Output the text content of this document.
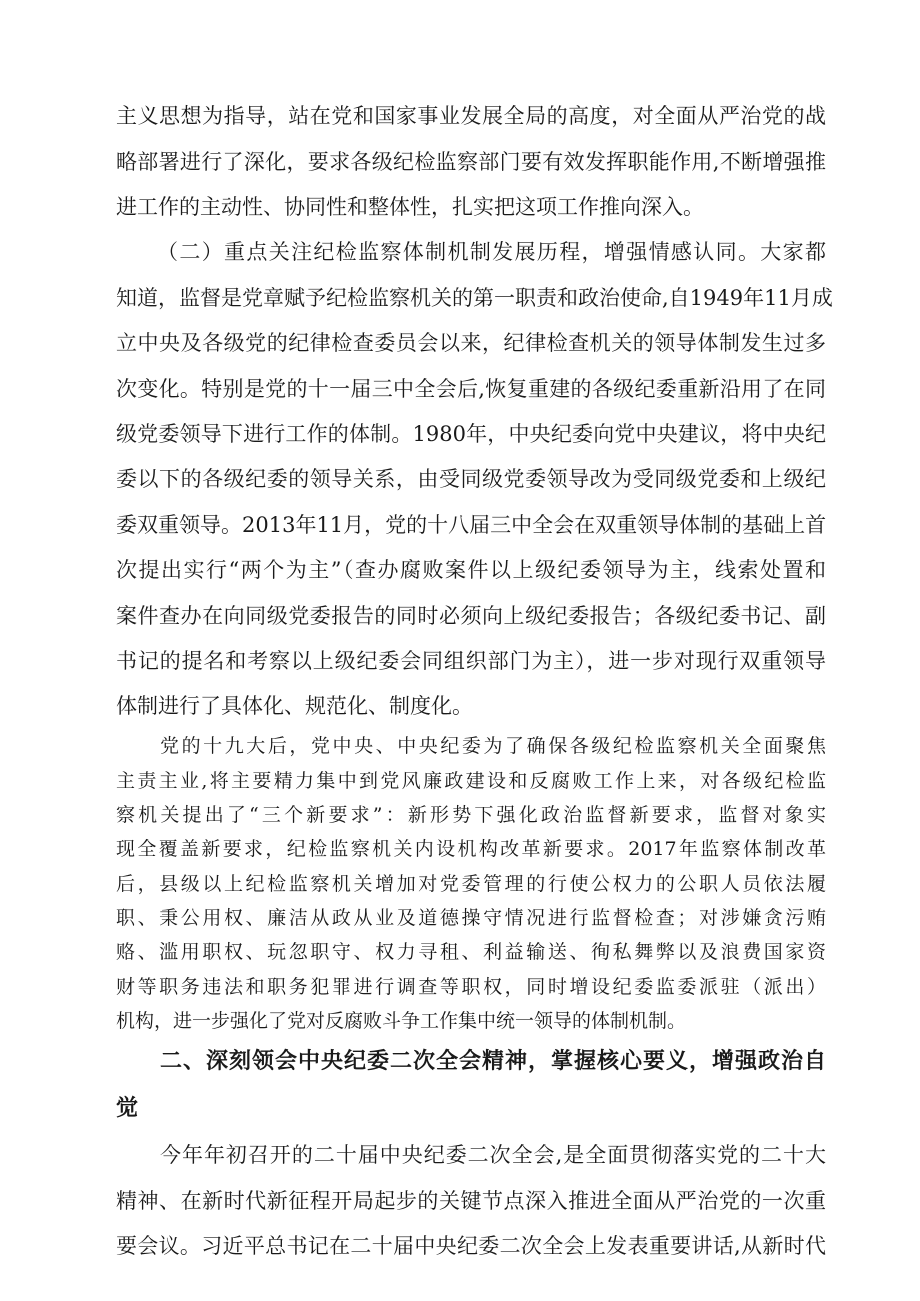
主义思想为指导，站在党和国家事业发展全局的高度，对全面从严治党的战
略部署进行了深化，要求各级纪检监察部门要有效发挥职能作用,不断增强推
进工作的主动性、协同性和整体性，扎实把这项工作推向深入。
（二）重点关注纪检监察体制机制发展历程，增强情感认同。大家都
知道，监督是党章赋予纪检监察机关的第一职责和政治使命,自1949年11月成
立中央及各级党的纪律检查委员会以来，纪律检查机关的领导体制发生过多
次变化。特别是党的十一届三中全会后,恢复重建的各级纪委重新沿用了在同
级党委领导下进行工作的体制。1980年，中央纪委向党中央建议，将中央纪
委以下的各级纪委的领导关系，由受同级党委领导改为受同级党委和上级纪
委双重领导。2013年11月，党的十八届三中全会在双重领导体制的基础上首
次提出实行“两个为主”（查办腐败案件以上级纪委领导为主，线索处置和
案件查办在向同级党委报告的同时必须向上级纪委报告；各级纪委书记、副
书记的提名和考察以上级纪委会同组织部门为主），进一步对现行双重领导
体制进行了具体化、规范化、制度化。
党的十九大后，党中央、中央纪委为了确保各级纪检监察机关全面聚焦
主责主业,将主要精力集中到党风廉政建设和反腐败工作上来，对各级纪检监
察机关提出了“三个新要求”：新形势下强化政治监督新要求，监督对象实
现全覆盖新要求，纪检监察机关内设机构改革新要求。2017年监察体制改革
后，县级以上纪检监察机关增加对党委管理的行使公权力的公职人员依法履
职、秉公用权、廉洁从政从业及道德操守情况进行监督检查；对涉嫌贪污贿
赂、滥用职权、玩忽职守、权力寻租、利益输送、徇私舞弊以及浪费国家资
财等职务违法和职务犯罪进行调查等职权，同时增设纪委监委派驻（派出）
机构，进一步强化了党对反腐败斗争工作集中统一领导的体制机制。
二、深刻领会中央纪委二次全会精神，掌握核心要义，增强政治自
觉
今年年初召开的二十届中央纪委二次全会,是全面贯彻落实党的二十大
精神、在新时代新征程开局起步的关键节点深入推进全面从严治党的一次重
要会议。习近平总书记在二十届中央纪委二次全会上发表重要讲话,从新时代
